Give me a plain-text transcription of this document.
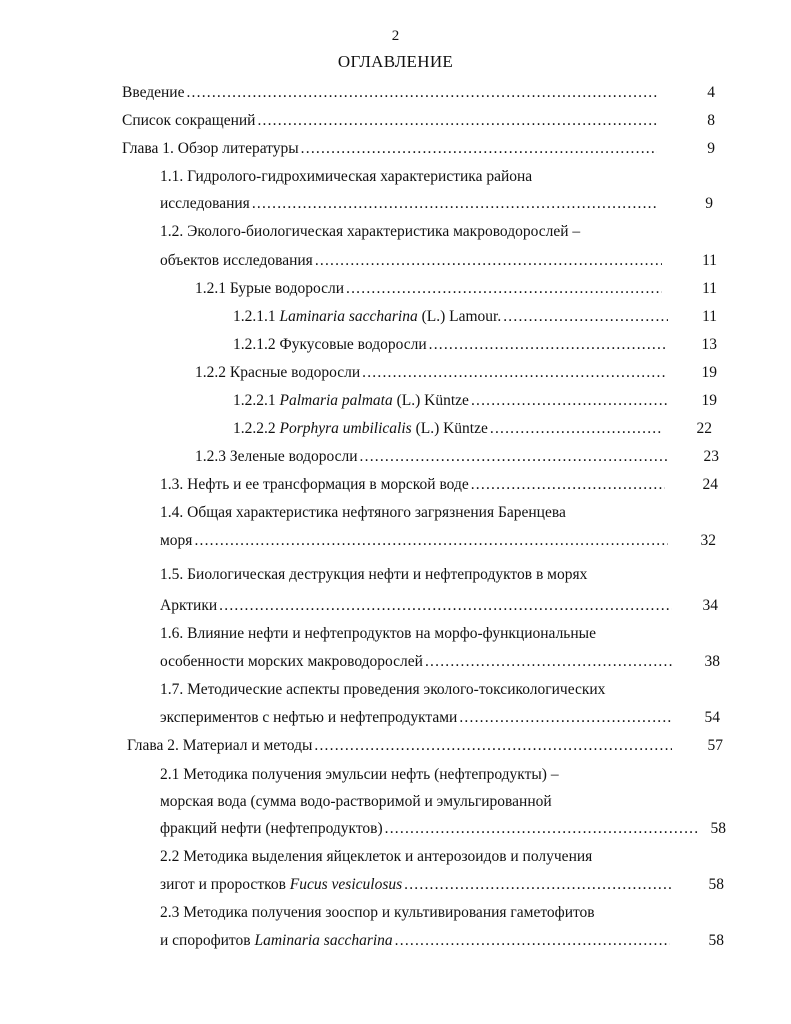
2
ОГЛАВЛЕНИЕ
Введение .....	4
Список сокращений .....	8
Глава 1. Обзор литературы .....	9
1.1. Гидролого-гидрохимическая характеристика района
исследования .....	9
1.2. Эколого-биологическая характеристика макроводорослей –
объектов исследования .....	11
1.2.1 Бурые водоросли .....	11
1.2.1.1 Laminaria saccharina (L.) Lamour. .....	11
1.2.1.2 Фукусовые водоросли .....	13
1.2.2 Красные водоросли .....	19
1.2.2.1 Palmaria palmata (L.) Küntze .....	19
1.2.2.2 Porphyra umbilicalis (L.) Küntze .....	22
1.2.3 Зеленые водоросли .....	23
1.3. Нефть и ее трансформация в морской воде .....	24
1.4. Общая характеристика нефтяного загрязнения Баренцева
моря .....	32
1.5. Биологическая деструкция нефти и нефтепродуктов в морях
Арктики .....	34
1.6. Влияние нефти и нефтепродуктов на морфо-функциональные
особенности морских макроводорослей .....	38
1.7. Методические аспекты проведения эколого-токсикологических
экспериментов с нефтью и нефтепродуктами .....	54
Глава 2. Материал и методы .....	57
2.1 Методика получения эмульсии нефть (нефтепродукты) –
морская вода (сумма водо-растворимой и эмульгированной
фракций нефти (нефтепродуктов) .....	58
2.2 Методика выделения яйцеклеток и антерозоидов и получения
зигот и проростков Fucus vesiculosus .....	58
2.3 Методика получения зооспор и культивирования гаметофитов
и спорофитов Laminaria saccharina .....	58
